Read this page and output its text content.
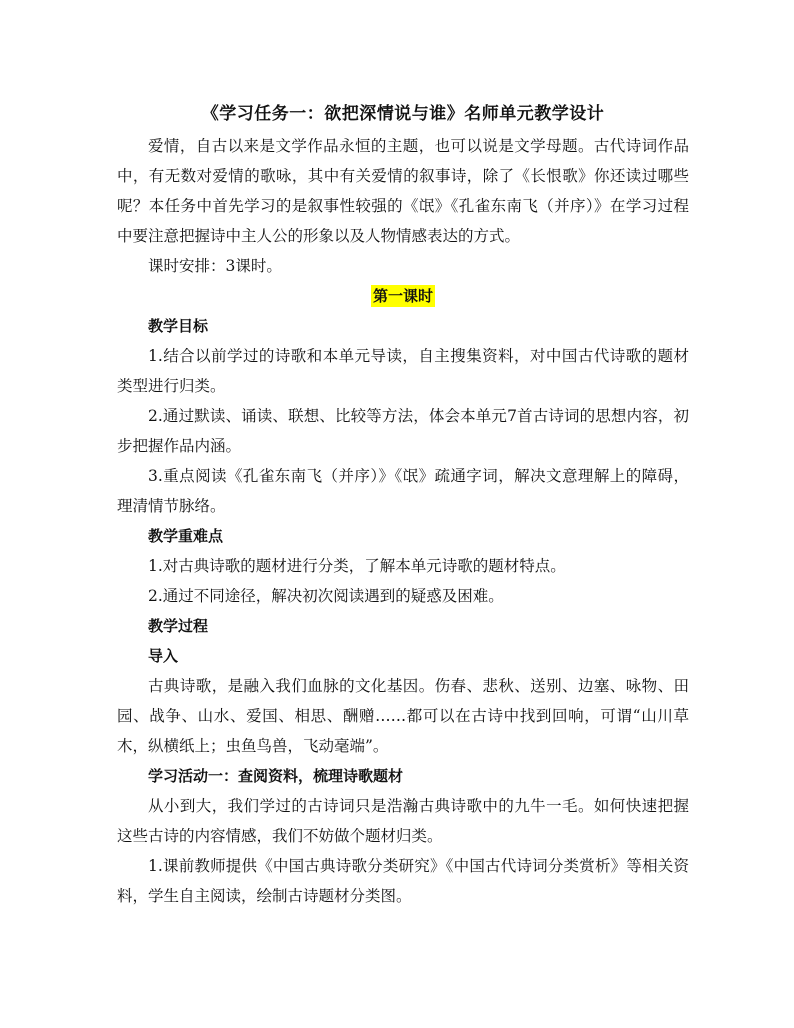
《学习任务一：欲把深情说与谁》名师单元教学设计

爱情，自古以来是文学作品永恒的主题，也可以说是文学母题。古代诗词作品中，有无数对爱情的歌咏，其中有关爱情的叙事诗，除了《长恨歌》你还读过哪些呢？本任务中首先学习的是叙事性较强的《氓》《孔雀东南飞（并序）》在学习过程中要注意把握诗中主人公的形象以及人物情感表达的方式。

课时安排：3课时。

第一课时
教学目标

1.结合以前学过的诗歌和本单元导读，自主搜集资料，对中国古代诗歌的题材类型进行归类。

2.通过默读、诵读、联想、比较等方法，体会本单元7首古诗词的思想内容，初步把握作品内涵。

3.重点阅读《孔雀东南飞（并序）》《氓》疏通字词，解决文意理解上的障碍，理清情节脉络。

教学重难点

1.对古典诗歌的题材进行分类，了解本单元诗歌的题材特点。

2.通过不同途径，解决初次阅读遇到的疑惑及困难。

教学过程
导入

古典诗歌，是融入我们血脉的文化基因。伤春、悲秋、送别、边塞、咏物、田园、战争、山水、爱国、相思、酬赠……都可以在古诗中找到回响，可谓“山川草木，纵横纸上；虫鱼鸟兽，飞动毫端”。

学习活动一：查阅资料，梳理诗歌题材

从小到大，我们学过的古诗词只是浩瀚古典诗歌中的九牛一毛。如何快速把握这些古诗的内容情感，我们不妨做个题材归类。

1.课前教师提供《中国古典诗歌分类研究》《中国古代诗词分类赏析》等相关资料，学生自主阅读，绘制古诗题材分类图。
